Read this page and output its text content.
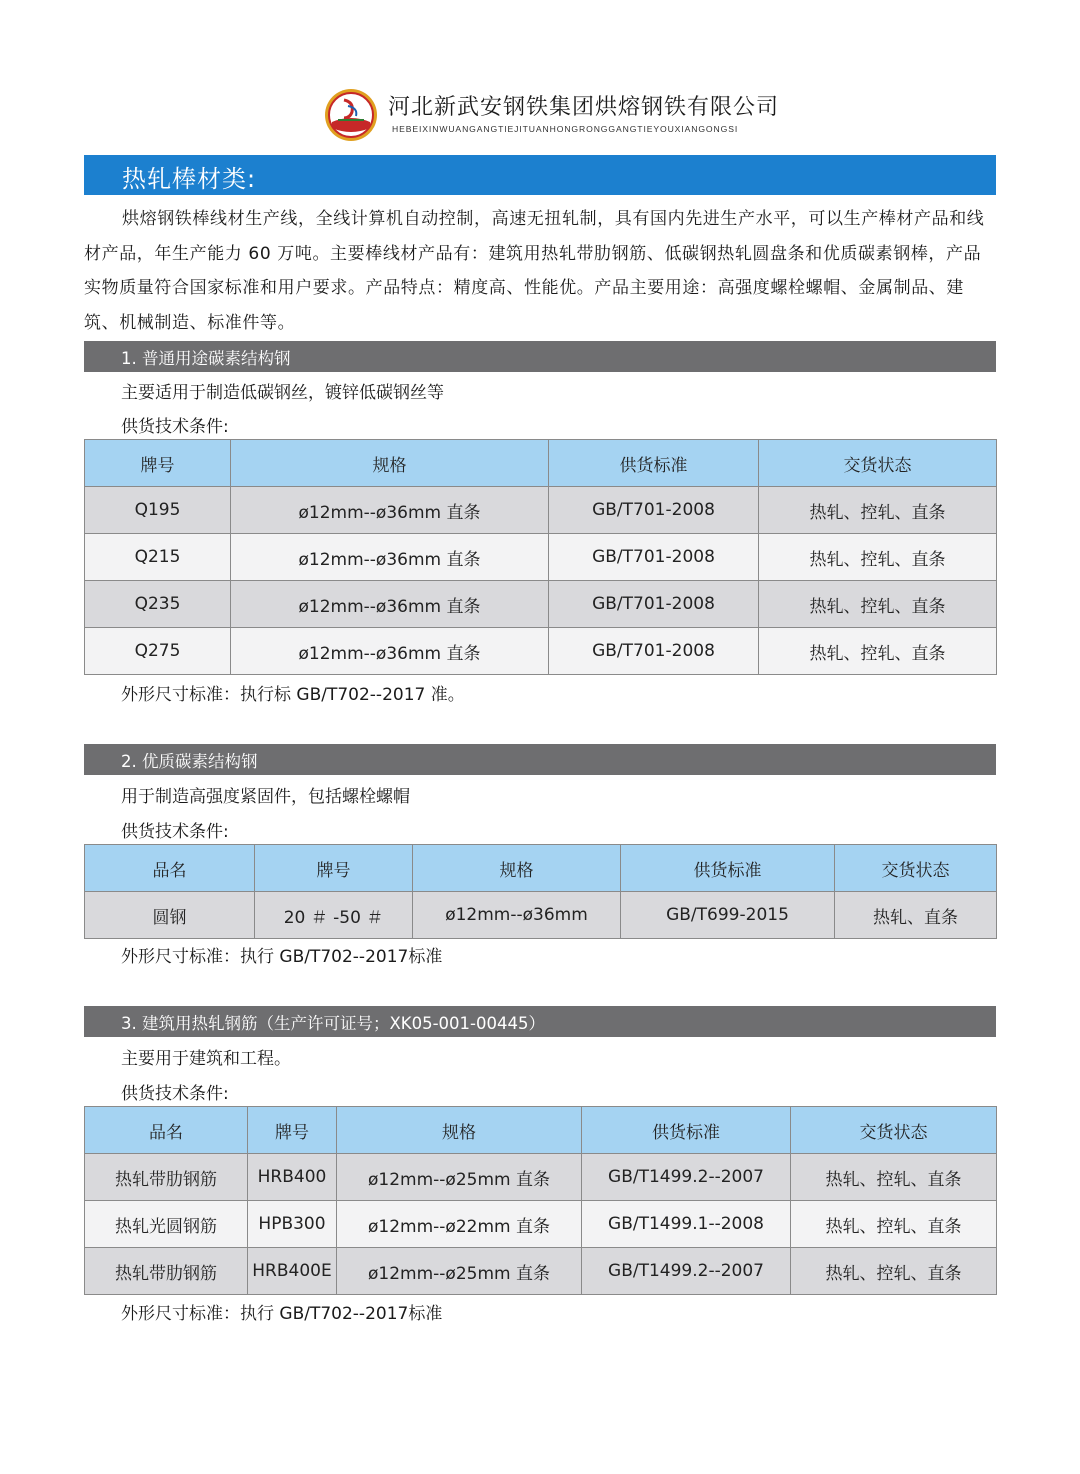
河北新武安钢铁集团烘熔钢铁有限公司
HEBEIXINWUANGANGTIEJITUANHONGRONGGANGTIEYOUXIANGONGSI
热轧棒材类:

烘熔钢铁棒线材生产线，全线计算机自动控制，高速无扭轧制，具有国内先进生产水平，可以生产棒材产品和线材产品，年生产能力 60 万吨。主要棒线材产品有：建筑用热轧带肋钢筋、低碳钢热轧圆盘条和优质碳素钢棒，产品实物质量符合国家标准和用户要求。产品特点：精度高、性能优。产品主要用途：高强度螺栓螺帽、金属制品、建筑、机械制造、标准件等。

1. 普通用途碳素结构钢
主要适用于制造低碳钢丝，镀锌低碳钢丝等
供货技术条件:
牌号	规格	供货标准	交货状态
Q195	ø12mm--ø36mm 直条	GB/T701-2008	热轧、控轧、直条
Q215	ø12mm--ø36mm 直条	GB/T701-2008	热轧、控轧、直条
Q235	ø12mm--ø36mm 直条	GB/T701-2008	热轧、控轧、直条
Q275	ø12mm--ø36mm 直条	GB/T701-2008	热轧、控轧、直条
外形尺寸标准：执行标 GB/T702--2017 准。
2. 优质碳素结构钢
用于制造高强度紧固件，包括螺栓螺帽
供货技术条件:
品名	牌号	规格	供货标准	交货状态
圆钢	20 ＃ -50 ＃	ø12mm--ø36mm	GB/T699-2015	热轧、直条
外形尺寸标准：执行 GB/T702--2017标准
3. 建筑用热轧钢筋（生产许可证号；XK05-001-00445）
主要用于建筑和工程。
供货技术条件:
品名	牌号	规格	供货标准	交货状态
热轧带肋钢筋	HRB400	ø12mm--ø25mm 直条	GB/T1499.2--2007	热轧、控轧、直条
热轧光圆钢筋	HPB300	ø12mm--ø22mm 直条	GB/T1499.1--2008	热轧、控轧、直条
热轧带肋钢筋	HRB400E	ø12mm--ø25mm 直条	GB/T1499.2--2007	热轧、控轧、直条
外形尺寸标准：执行 GB/T702--2017标准
